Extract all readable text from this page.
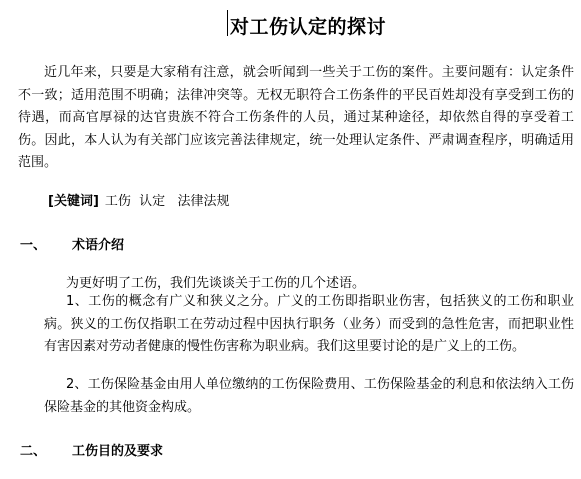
对工伤认定的探讨
近几年来，只要是大家稍有注意，就会听闻到一些关于工伤的案件。主要问题有：认定条件不一致；适用范围不明确；法律冲突等。无权无职符合工伤条件的平民百姓却没有享受到工伤的待遇，而高官厚禄的达官贵族不符合工伤条件的人员，通过某种途径，却依然自得的享受着工伤。因此，本人认为有关部门应该完善法律规定，统一处理认定条件、严肃调查程序，明确适用范围。
[关键词] 工伤  认定   法律法规
一、 术语介绍
为更好明了工伤，我们先谈谈关于工伤的几个述语。
1、工伤的概念有广义和狭义之分。广义的工伤即指职业伤害，包括狭义的工伤和职业病。狭义的工伤仅指职工在劳动过程中因执行职务（业务）而受到的急性危害，而把职业性有害因素对劳动者健康的慢性伤害称为职业病。我们这里要讨论的是广义上的工伤。
2、工伤保险基金由用人单位缴纳的工伤保险费用、工伤保险基金的利息和依法纳入工伤保险基金的其他资金构成。
二、 工伤目的及要求
